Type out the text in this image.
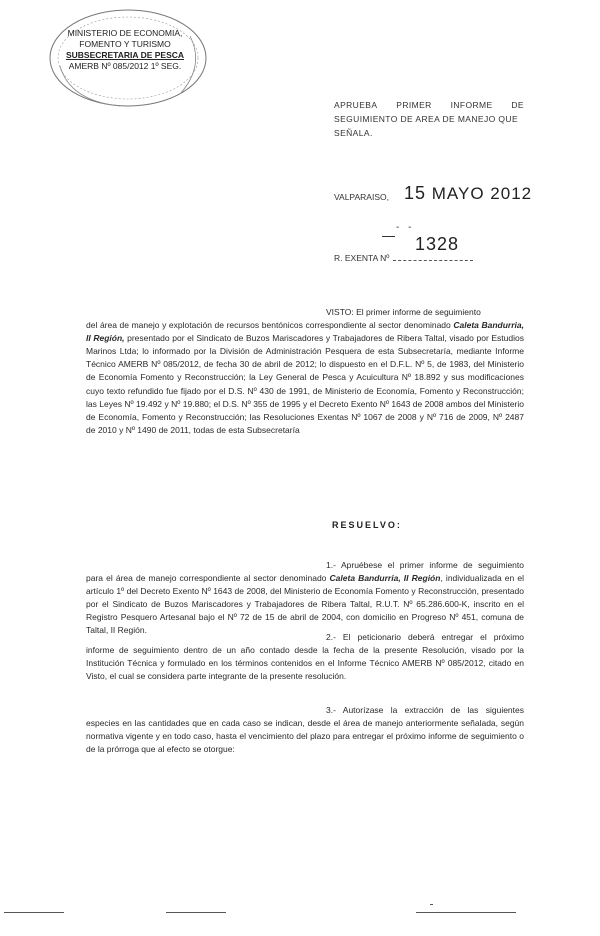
MINISTERIO DE ECONOMIA,
FOMENTO Y TURISMO
SUBSECRETARIA DE PESCA
AMERB Nº 085/2012 1º SEG.
APRUEBA PRIMER INFORME DE
SEGUIMIENTO DE AREA DE MANEJO QUE
SEÑALA.
VALPARAISO, 15 MAYO 2012
- -
1328
R. EXENTA Nº
VISTO: El primer informe de seguimiento
del área de manejo y explotación de recursos bentónicos correspondiente al sector denominado Caleta Bandurria, II Región, presentado por el Sindicato de Buzos Mariscadores y Trabajadores de Ribera Taltal, visado por Estudios Marinos Ltda; lo informado por la División de Administración Pesquera de esta Subsecretaría, mediante Informe Técnico AMERB Nº 085/2012, de fecha 30 de abril de 2012; lo dispuesto en el D.F.L. Nº 5, de 1983, del Ministerio de Economía Fomento y Reconstrucción; la Ley General de Pesca y Acuicultura Nº 18.892 y sus modificaciones cuyo texto refundido fue fijado por el D.S. Nº 430 de 1991, de Ministerio de Economía, Fomento y Reconstrucción; las Leyes Nº 19.492 y Nº 19.880; el D.S. Nº 355 de 1995 y el Decreto Exento Nº 1643 de 2008 ambos del Ministerio de Economía, Fomento y Reconstrucción; las Resoluciones Exentas Nº 1067 de 2008 y Nº 716 de 2009, Nº 2487 de 2010 y Nº 1490 de 2011, todas de esta Subsecretaría
RESUELVO:
1.- Apruébese el primer informe de seguimiento para el área de manejo correspondiente al sector denominado Caleta Bandurria, II Región, individualizada en el artículo 1º del Decreto Exento Nº 1643 de 2008, del Ministerio de Economía Fomento y Reconstrucción, presentado por el Sindicato de Buzos Mariscadores y Trabajadores de Ribera Taltal, R.U.T. Nº 65.286.600-K, inscrito en el Registro Pesquero Artesanal bajo el Nº 72 de 15 de abril de 2004, con domicilio en Progreso Nº 451, comuna de Taltal, II Región.
2.- El peticionario deberá entregar el próximo informe de seguimiento dentro de un año contado desde la fecha de la presente Resolución, visado por la Institución Técnica y formulado en los términos contenidos en el Informe Técnico AMERB Nº 085/2012, citado en Visto, el cual se considera parte integrante de la presente resolución.
3.- Autorízase la extracción de las siguientes especies en las cantidades que en cada caso se indican, desde el área de manejo anteriormente señalada, según normativa vigente y en todo caso, hasta el vencimiento del plazo para entregar el próximo informe de seguimiento o de la prórroga que al efecto se otorgue:
